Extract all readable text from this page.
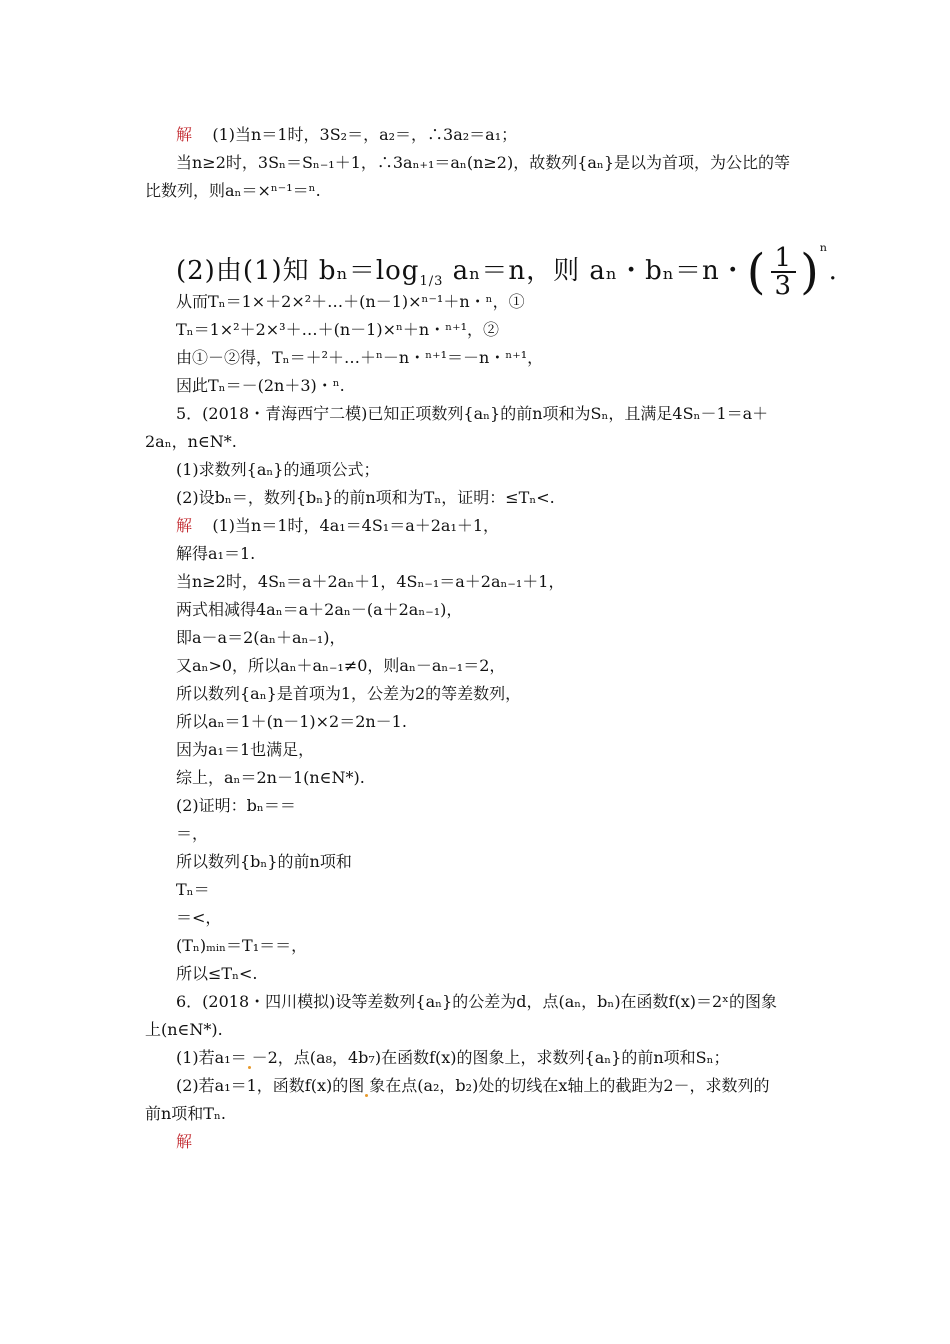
解 (1)当n＝1时，3S₂＝，a₂＝，∴3a₂＝a₁；
当n≥2时，3Sₙ＝Sₙ₋₁＋1，∴3aₙ₊₁＝aₙ(n≥2)，故数列{aₙ}是以为首项，为公比的等
比数列，则aₙ＝×ⁿ⁻¹＝ⁿ.
(2)由(1)知 $b_n=\log_{1/3}$ aₙ＝n，则 aₙ・bₙ＝n・( $\frac{1}{3} )^{^n}$.
从而Tₙ＝1×＋2×²＋…＋(n－1)×ⁿ⁻¹＋n・ⁿ，①
Tₙ＝1×²＋2×³＋…＋(n－1)×ⁿ＋n・ⁿ⁺¹，②
由①－②得，Tₙ＝＋²＋…＋ⁿ－n・ⁿ⁺¹＝－n・ⁿ⁺¹，
因此Tₙ＝－(2n＋3)・ⁿ.
5．(2018・青海西宁二模)已知正项数列{aₙ}的前n项和为Sₙ，且满足4Sₙ－1＝a＋
2aₙ，n∈N*.
(1)求数列{aₙ}的通项公式；
(2)设bₙ＝，数列{bₙ}的前n项和为Tₙ，证明：≤Tₙ<.
解 (1)当n＝1时，4a₁＝4S₁＝a＋2a₁＋1，
解得a₁＝1.
当n≥2时，4Sₙ＝a＋2aₙ＋1，4Sₙ₋₁＝a＋2aₙ₋₁＋1，
两式相减得4aₙ＝a＋2aₙ－(a＋2aₙ₋₁)，
即a－a＝2(aₙ＋aₙ₋₁)，
又aₙ>0，所以aₙ＋aₙ₋₁≠0，则aₙ－aₙ₋₁＝2，
所以数列{aₙ}是首项为1，公差为2的等差数列，
所以aₙ＝1＋(n－1)×2＝2n－1.
因为a₁＝1也满足，
综上，aₙ＝2n－1(n∈N*).
(2)证明：bₙ＝＝
＝，
所以数列{bₙ}的前n项和
Tₙ＝
＝<，
(Tₙ)ₘᵢₙ＝T₁＝＝，
所以≤Tₙ<.
6．(2018・四川模拟)设等差数列{aₙ}的公差为d，点(aₙ，bₙ)在函数f(x)＝2ˣ的图象
上(n∈N*).
(1)若a₁＝ －2，点(a₈，4b₇)在函数f(x)的图象上，求数列{aₙ}的前n项和Sₙ；
(2)若a₁＝1，函数f(x)的图 象在点(a₂，b₂)处的切线在x轴上的截距为2－，求数列的
前n项和Tₙ.
解
